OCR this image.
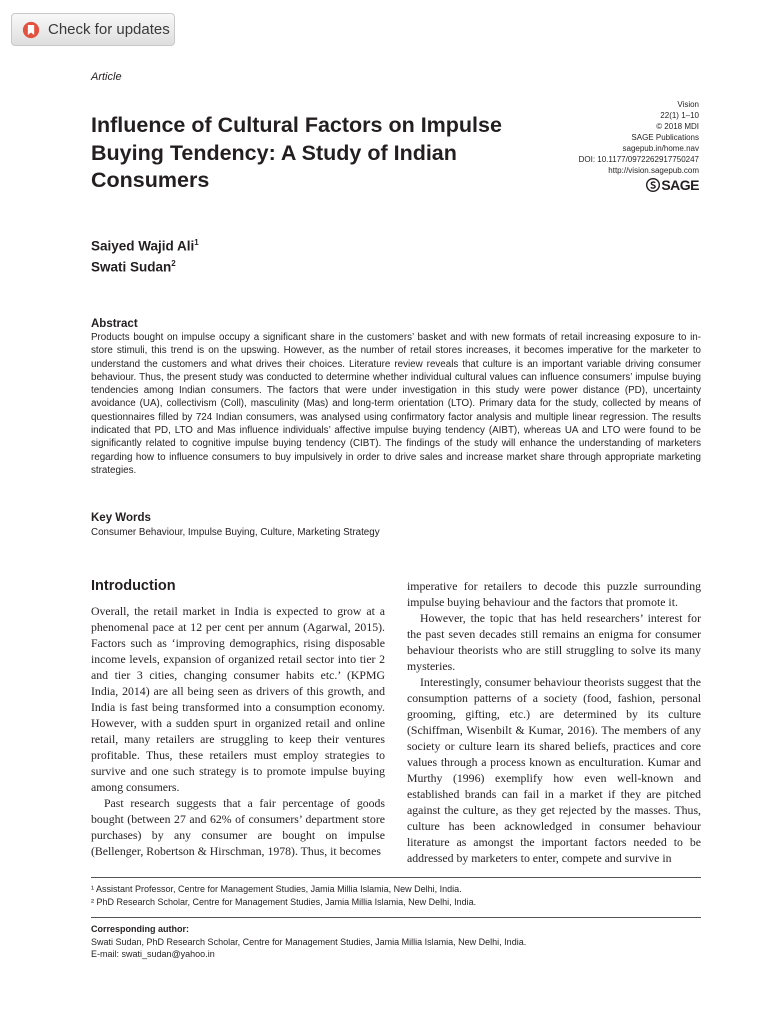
Check for updates
Article
Influence of Cultural Factors on Impulse Buying Tendency: A Study of Indian Consumers
Vision
22(1) 1–10
© 2018 MDI
SAGE Publications
sagepub.in/home.nav
DOI: 10.1177/0972262917750247
http://vision.sagepub.com
SAGE
Saiyed Wajid Ali$^1$
Swati Sudan$^2$
Abstract

Products bought on impulse occupy a significant share in the customers’ basket and with new formats of retail increasing exposure to in-store stimuli, this trend is on the upswing. However, as the number of retail stores increases, it becomes imperative for the marketer to understand the customers and what drives their choices. Literature review reveals that culture is an important variable driving consumer behaviour. Thus, the present study was conducted to determine whether individual cultural values can influence consumers’ impulse buying tendencies among Indian consumers. The factors that were under investigation in this study were power distance (PD), uncertainty avoidance (UA), collectivism (Coll), masculinity (Mas) and long-term orientation (LTO). Primary data for the study, collected by means of questionnaires filled by 724 Indian consumers, was analysed using confirmatory factor analysis and multiple linear regression. The results indicated that PD, LTO and Mas influence individuals’ affective impulse buying tendency (AIBT), whereas UA and LTO were found to be significantly related to cognitive impulse buying tendency (CIBT). The findings of the study will enhance the understanding of marketers regarding how to influence consumers to buy impulsively in order to drive sales and increase market share through appropriate marketing strategies.

Key Words
Consumer Behaviour, Impulse Buying, Culture, Marketing Strategy
Introduction

Overall, the retail market in India is expected to grow at a phenomenal pace at 12 per cent per annum (Agarwal, 2015). Factors such as ‘improving demographics, rising disposable income levels, expansion of organized retail sector into tier 2 and tier 3 cities, changing consumer habits etc.’ (KPMG India, 2014) are all being seen as drivers of this growth, and India is fast being transformed into a consumption economy. However, with a sudden spurt in organized retail and online retail, many retailers are struggling to keep their ventures profitable. Thus, these retailers must employ strategies to survive and one such strategy is to promote impulse buying among consumers.

Past research suggests that a fair percentage of goods bought (between 27 and 62% of consumers’ department store purchases) by any consumer are bought on impulse (Bellenger, Robertson & Hirschman, 1978). Thus, it becomes

imperative for retailers to decode this puzzle surrounding impulse buying behaviour and the factors that promote it.

However, the topic that has held researchers’ interest for the past seven decades still remains an enigma for consumer behaviour theorists who are still struggling to solve its many mysteries.

Interestingly, consumer behaviour theorists suggest that the consumption patterns of a society (food, fashion, personal grooming, gifting, etc.) are determined by its culture (Schiffman, Wisenbilt & Kumar, 2016). The members of any society or culture learn its shared beliefs, practices and core values through a process known as enculturation. Kumar and Murthy (1996) exemplify how even well-known and established brands can fail in a market if they are pitched against the culture, as they get rejected by the masses. Thus, culture has been acknowledged in consumer behaviour literature as amongst the important factors needed to be addressed by marketers to enter, compete and survive in

¹ Assistant Professor, Centre for Management Studies, Jamia Millia Islamia, New Delhi, India.
² PhD Research Scholar, Centre for Management Studies, Jamia Millia Islamia, New Delhi, India.
Corresponding author:
Swati Sudan, PhD Research Scholar, Centre for Management Studies, Jamia Millia Islamia, New Delhi, India.
E-mail: swati_sudan@yahoo.in
